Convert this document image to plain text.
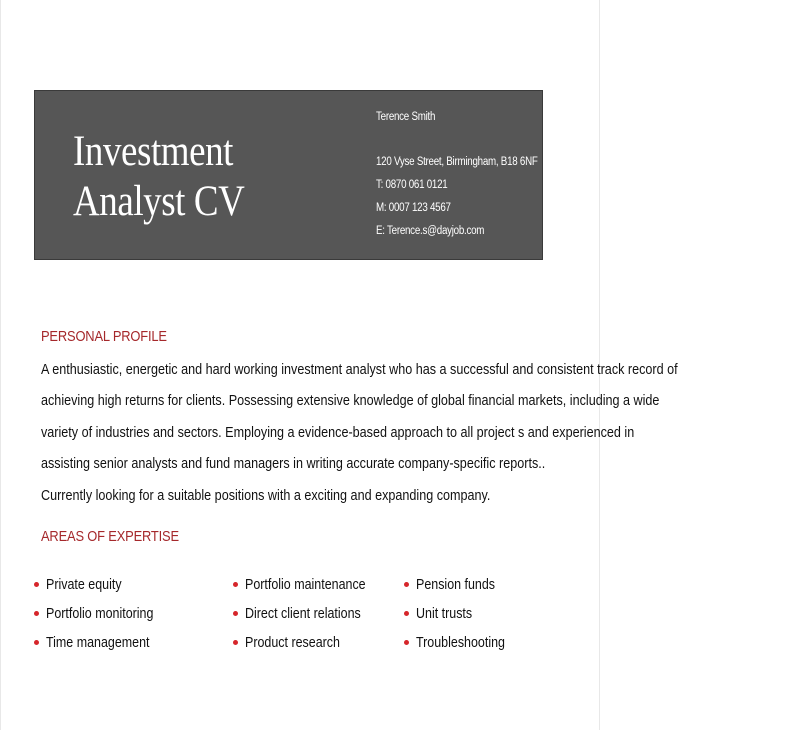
Investment
Analyst CV
Terence Smith
120 Vyse Street, Birmingham, B18 6NF
T: 0870 061 0121
M: 0007 123 4567
E: Terence.s@dayjob.com
PERSONAL PROFILE
A enthusiastic, energetic and hard working investment analyst who has a successful and consistent track record of
achieving high returns for clients. Possessing extensive knowledge of global financial markets, including a wide
variety of industries and sectors. Employing a evidence-based approach to all project s and experienced in
assisting senior analysts and fund managers in writing accurate company-specific reports..
Currently looking for a suitable positions with a exciting and expanding company.
AREAS OF EXPERTISE
Private equity
Portfolio monitoring
Time management
Portfolio maintenance
Direct client relations
Product research
Pension funds
Unit trusts
Troubleshooting
